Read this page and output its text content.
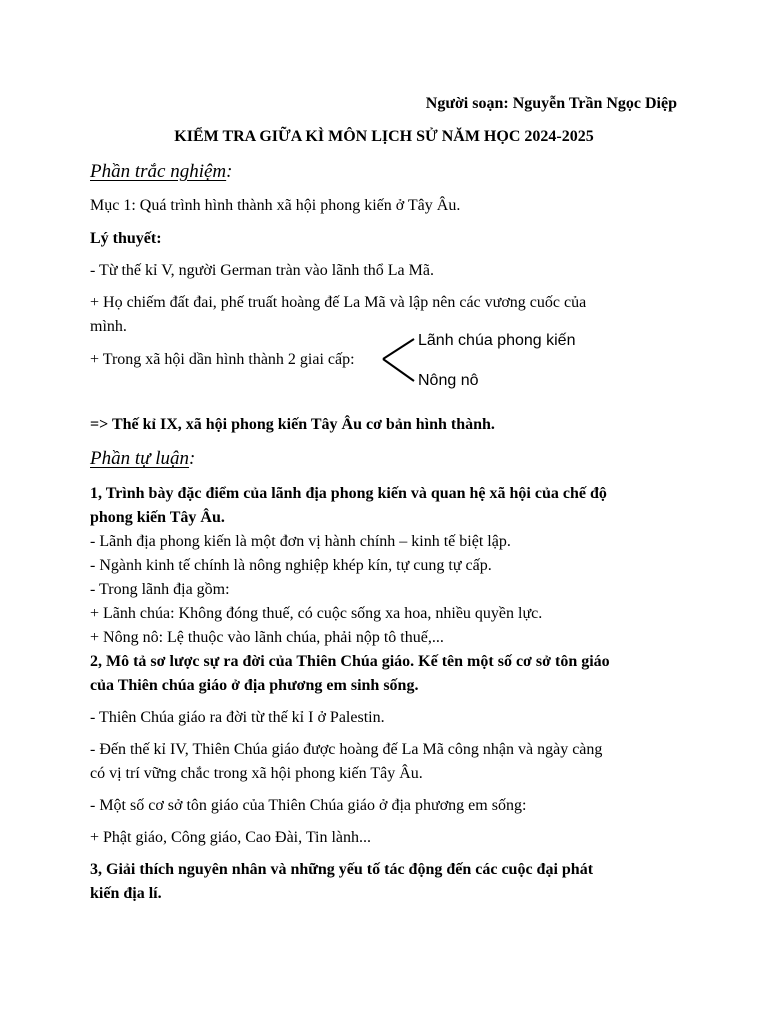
Người soạn: Nguyễn Trần Ngọc Diệp
KIỂM TRA GIỮA KÌ MÔN LỊCH SỬ NĂM HỌC 2024-2025
Phần trắc nghiệm:
Mục 1: Quá trình hình thành xã hội phong kiến ở Tây Âu.
Lý thuyết:
- Từ thế kỉ V, người German tràn vào lãnh thổ La Mã.
+ Họ chiếm đất đai, phế truất hoàng đế La Mã và lập nên các vương cuốc của
mình.
+ Trong xã hội dần hình thành 2 giai cấp:
Lãnh chúa phong kiến
Nông nô
=> Thế kỉ IX, xã hội phong kiến Tây Âu cơ bản hình thành.
Phần tự luận:
1, Trình bày đặc điểm của lãnh địa phong kiến và quan hệ xã hội của chế độ
phong kiến Tây Âu.
- Lãnh địa phong kiến là một đơn vị hành chính – kinh tế biệt lập.
- Ngành kinh tế chính là nông nghiệp khép kín, tự cung tự cấp.
- Trong lãnh địa gồm:
+ Lãnh chúa: Không đóng thuế, có cuộc sống xa hoa, nhiều quyền lực.
+ Nông nô: Lệ thuộc vào lãnh chúa, phải nộp tô thuế,...
2, Mô tả sơ lược sự ra đời của Thiên Chúa giáo. Kế tên một số cơ sở tôn giáo
của Thiên chúa giáo ở địa phương em sinh sống.
- Thiên Chúa giáo ra đời từ thế kỉ I ở Palestin.
- Đến thế kỉ IV, Thiên Chúa giáo được hoàng đế La Mã công nhận và ngày càng
có vị trí vững chắc trong xã hội phong kiến Tây Âu.
- Một số cơ sở tôn giáo của Thiên Chúa giáo ở địa phương em sống:
+ Phật giáo, Công giáo, Cao Đài, Tin lành...
3, Giải thích nguyên nhân và những yếu tố tác động đến các cuộc đại phát
kiến địa lí.
